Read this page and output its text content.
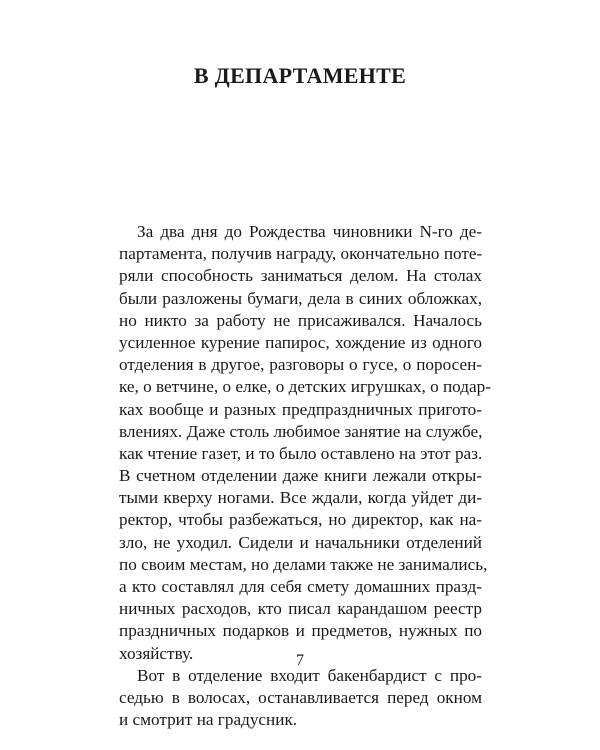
В ДЕПАРТАМЕНТЕ
За два дня до Рождества чиновники N-го де-
партамента, получив награду, окончательно поте-
ряли способность заниматься делом. На столах
были разложены бумаги, дела в синих обложках,
но никто за работу не присаживался. Началось
усиленное курение папирос, хождение из одного
отделения в другое, разговоры о гусе, о поросен-
ке, о ветчине, о елке, о детских игрушках, о подар-
ках вообще и разных предпраздничных пригото-
влениях. Даже столь любимое занятие на службе,
как чтение газет, и то было оставлено на этот раз.
В счетном отделении даже книги лежали откры-
тыми кверху ногами. Все ждали, когда уйдет ди-
ректор, чтобы разбежаться, но директор, как на-
зло, не уходил. Сидели и начальники отделений
по своим местам, но делами также не занимались,
а кто составлял для себя смету домашних празд-
ничных расходов, кто писал карандашом реестр
праздничных подарков и предметов, нужных по
хозяйству.
Вот в отделение входит бакенбардист с про-
седью в волосах, останавливается перед окном
и смотрит на градусник.
7
